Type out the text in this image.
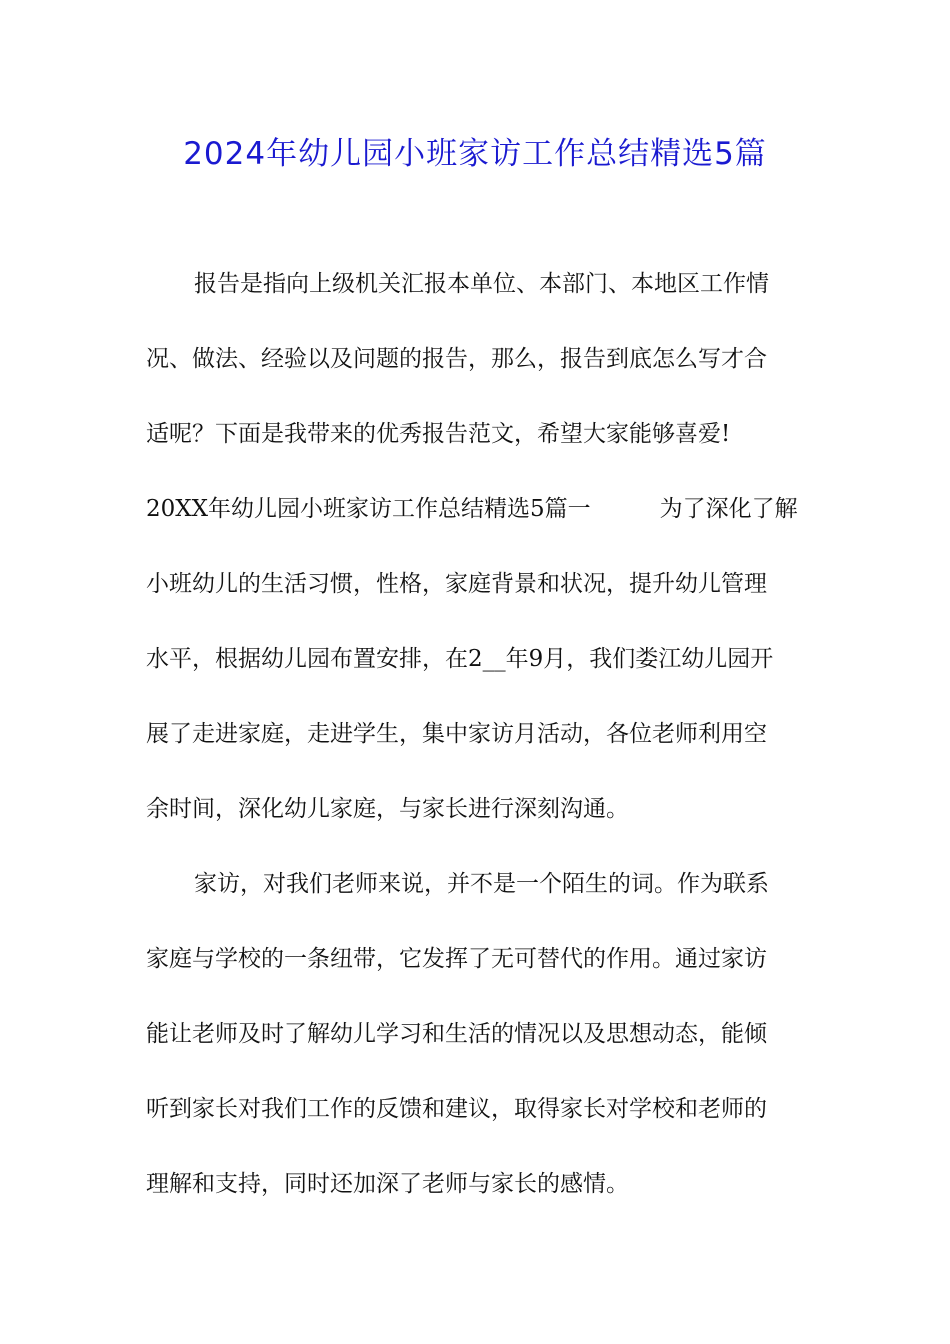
2024年幼儿园小班家访工作总结精选5篇
报告是指向上级机关汇报本单位、本部门、本地区工作情
况、做法、经验以及问题的报告，那么，报告到底怎么写才合
适呢？下面是我带来的优秀报告范文，希望大家能够喜爱!
20XX年幼儿园小班家访工作总结精选5篇一　　　为了深化了解
小班幼儿的生活习惯，性格，家庭背景和状况，提升幼儿管理
水平，根据幼儿园布置安排，在2__年9月，我们娄江幼儿园开
展了走进家庭，走进学生，集中家访月活动，各位老师利用空
余时间，深化幼儿家庭，与家长进行深刻沟通。
家访，对我们老师来说，并不是一个陌生的词。作为联系
家庭与学校的一条纽带，它发挥了无可替代的作用。通过家访
能让老师及时了解幼儿学习和生活的情况以及思想动态，能倾
听到家长对我们工作的反馈和建议，取得家长对学校和老师的
理解和支持，同时还加深了老师与家长的感情。
